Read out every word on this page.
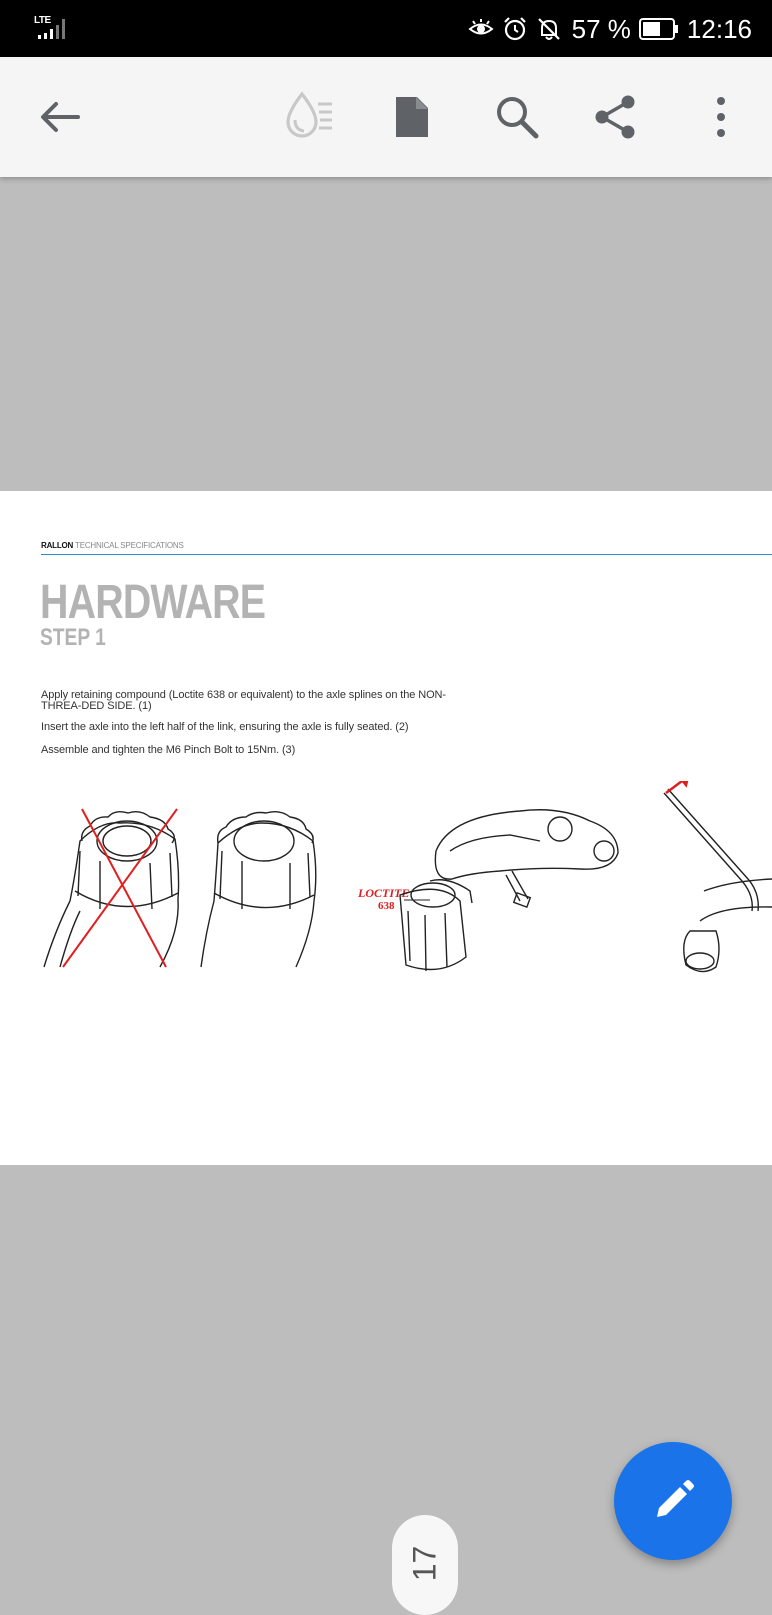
LTE	57 % 12:16
RALLON TECHNICAL SPECIFICATIONS
HARDWARE
STEP 1
Apply retaining compound (Loctite 638 or equivalent) to the axle splines on the NON-THREA-DED SIDE. (1)
Insert the axle into the left half of the link, ensuring the axle is fully seated. (2)
Assemble and tighten the M6 Pinch Bolt to 15Nm. (3)
LOCTITE
638
17
